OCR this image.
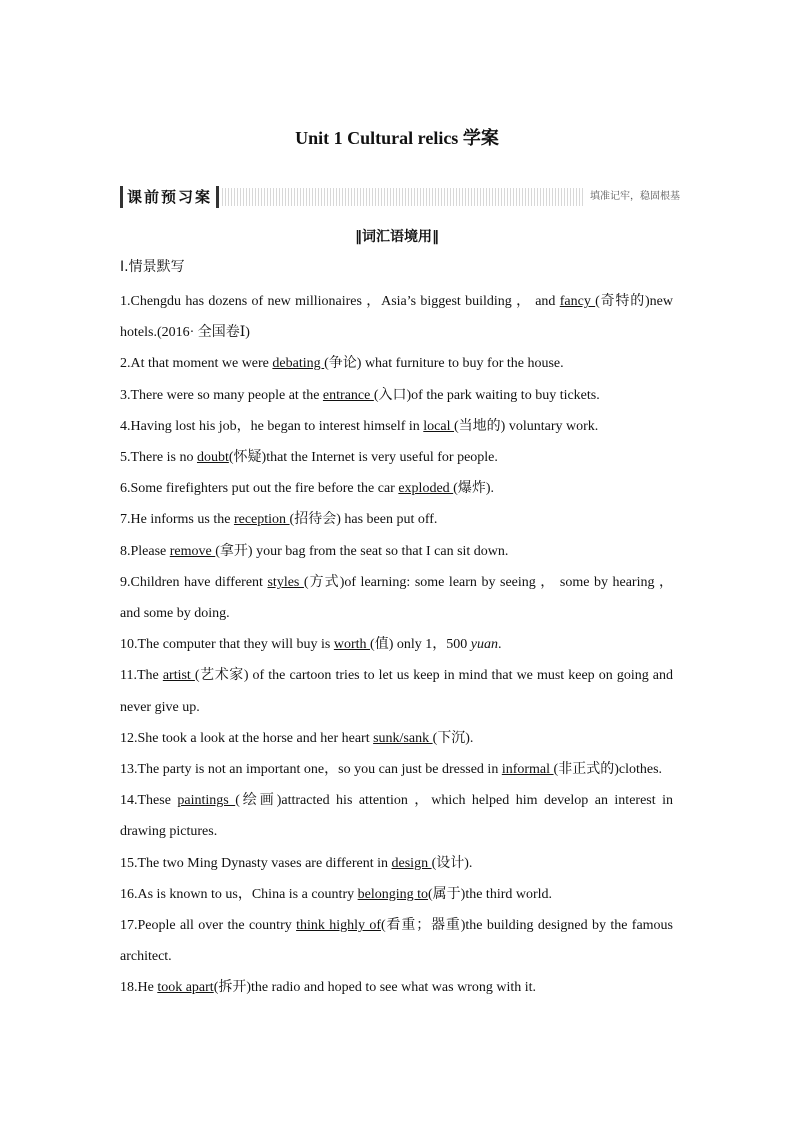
Unit 1 Cultural relics 学案
课前预习案	填准记牢，稳固根基
‖词汇语境用‖
Ⅰ.情景默写
1.Chengdu has dozens of new millionaires ，Asia’s biggest building ， and fancy (奇特的)new hotels.(2016· 全国卷Ⅰ)
2.At that moment we were debating (争论) what furniture to buy for the house.
3.There were so many people at the entrance (入口)of the park waiting to buy tickets.
4.Having lost his job，he began to interest himself in local (当地的) voluntary work.
5.There is no doubt(怀疑)that the Internet is very useful for people.
6.Some firefighters put out the fire before the car exploded (爆炸).
7.He informs us the reception (招待会) has been put off.
8.Please remove (拿开) your bag from the seat so that I can sit down.
9.Children have different styles (方式)of learning: some learn by seeing ， some by hearing ， and some by doing.
10.The computer that they will buy is worth (值) only 1，500 yuan.
11.The artist (艺术家) of the cartoon tries to let us keep in mind that we must keep on going and never give up.
12.She took a look at the horse and her heart sunk/sank (下沉).
13.The party is not an important one，so you can just be dressed in informal (非正式的)clothes.
14.These paintings (绘画)attracted his attention ，which helped him develop an interest in drawing pictures.
15.The two Ming Dynasty vases are different in design (设计).
16.As is known to us，China is a country belonging to(属于)the third world.
17.People all over the country think highly of(看重；器重)the building designed by the famous architect.
18.He took apart(拆开)the radio and hoped to see what was wrong with it.
